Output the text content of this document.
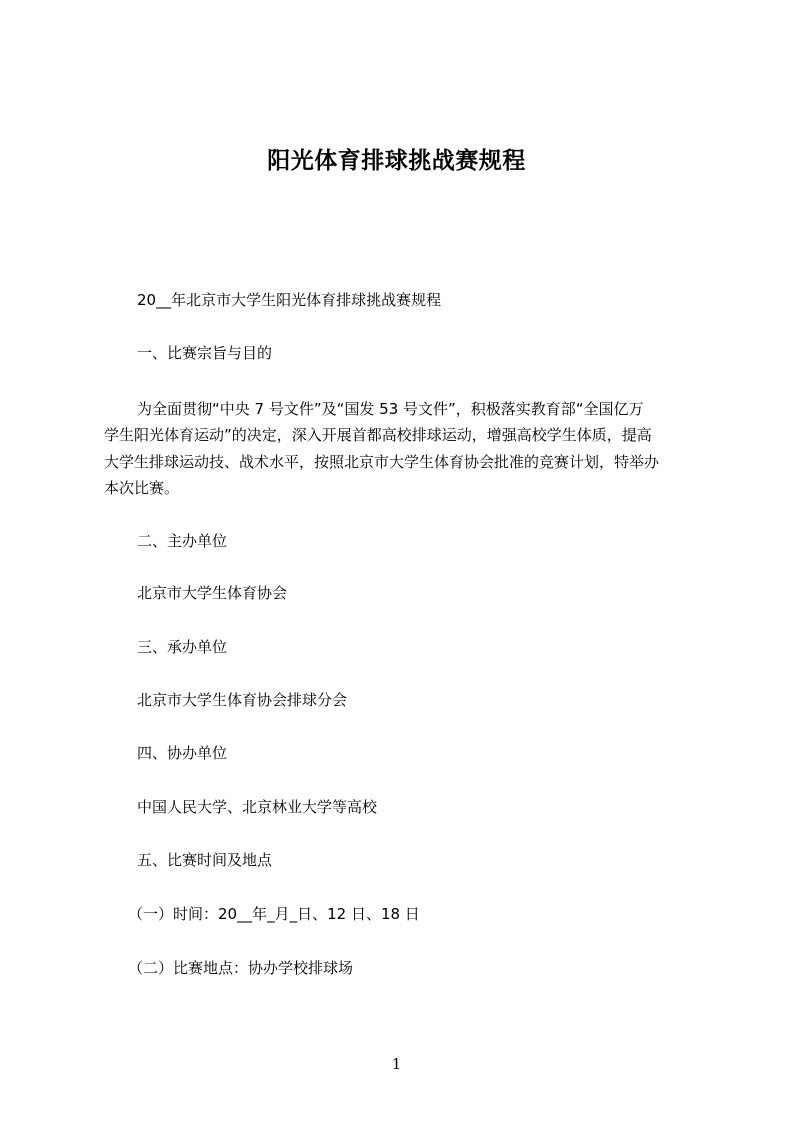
阳光体育排球挑战赛规程
20__年北京市大学生阳光体育排球挑战赛规程
一、比赛宗旨与目的
为全面贯彻“中央 7 号文件”及“国发 53 号文件”，积极落实教育部“全国亿万
学生阳光体育运动”的决定，深入开展首都高校排球运动，增强高校学生体质，提高
大学生排球运动技、战术水平，按照北京市大学生体育协会批准的竞赛计划，特举办
本次比赛。
二、主办单位
北京市大学生体育协会
三、承办单位
北京市大学生体育协会排球分会
四、协办单位
中国人民大学、北京林业大学等高校
五、比赛时间及地点
（一）时间：20__年_月_日、12 日、18 日
（二）比赛地点：协办学校排球场
1
